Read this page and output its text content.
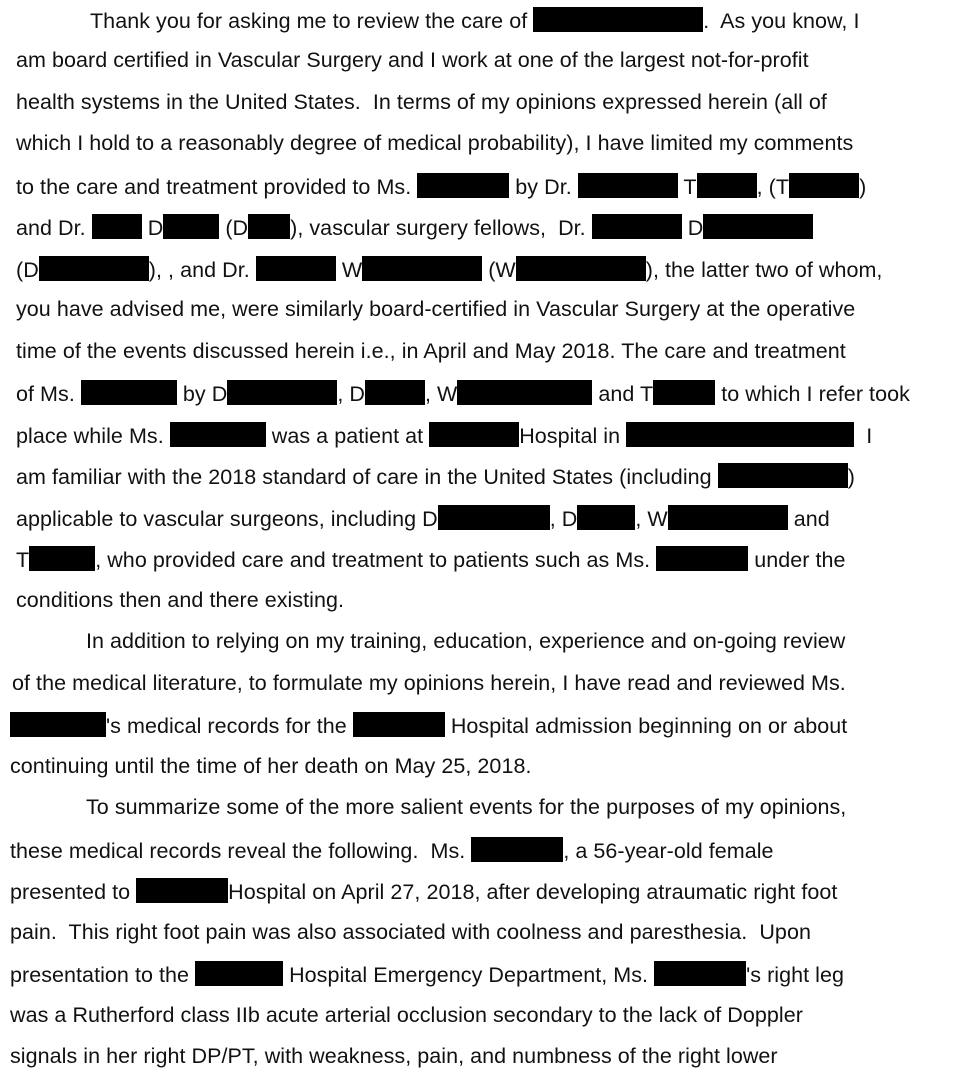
Thank you for asking me to review the care of	.  As you know, I
am board certified in Vascular Surgery and I work at one of the largest not-for-profit
health systems in the United States.  In terms of my opinions expressed herein (all of
which I hold to a reasonably degree of medical probability), I have limited my comments
to the care and treatment provided to Ms.	by Dr.	T	, (T	)
and Dr.  D	(D ), vascular surgery fellows,  Dr.	D
(D	), , and Dr.	W	(W	), the latter two of whom,
you have advised me, were similarly board-certified in Vascular Surgery at the operative
time of the events discussed herein i.e., in April and May 2018. The care and treatment
of Ms.	by D	, D	, W	and T	to which I refer took
place while Ms.	was a patient at	Hospital in	I
am familiar with the 2018 standard of care in the United States (including	)
applicable to vascular surgeons, including D	, D	, W	and
T	, who provided care and treatment to patients such as Ms.	under the
conditions then and there existing.
In addition to relying on my training, education, experience and on-going review
of the medical literature, to formulate my opinions herein, I have read and reviewed Ms.
's medical records for the	Hospital admission beginning on or about
continuing until the time of her death on May 25, 2018.
To summarize some of the more salient events for the purposes of my opinions,
these medical records reveal the following.  Ms.	, a 56-year-old female
presented to	Hospital on April 27, 2018, after developing atraumatic right foot
pain.  This right foot pain was also associated with coolness and paresthesia.  Upon
presentation to the	Hospital Emergency Department, Ms.	's right leg
was a Rutherford class IIb acute arterial occlusion secondary to the lack of Doppler
signals in her right DP/PT, with weakness, pain, and numbness of the right lower
